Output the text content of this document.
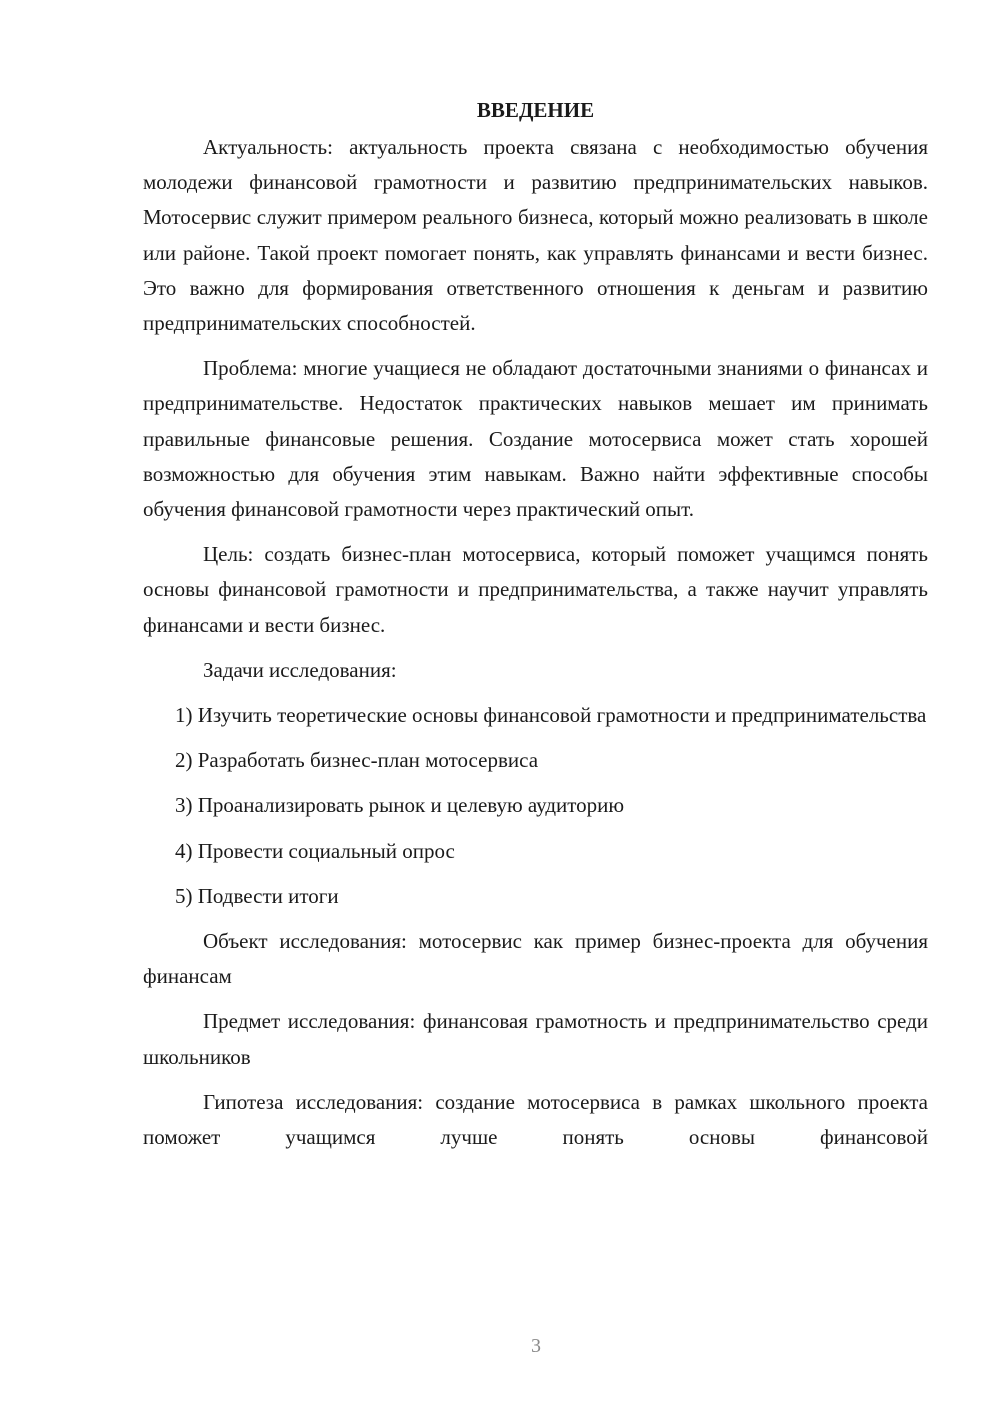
ВВЕДЕНИЕ

Актуальность: актуальность проекта связана с необходимостью обучения молодежи финансовой грамотности и развитию предпринимательских навыков. Мотосервис служит примером реального бизнеса, который можно реализовать в школе или районе. Такой проект помогает понять, как управлять финансами и вести бизнес. Это важно для формирования ответственного отношения к деньгам и развитию предпринимательских способностей.

Проблема: многие учащиеся не обладают достаточными знаниями о финансах и предпринимательстве. Недостаток практических навыков мешает им принимать правильные финансовые решения. Создание мотосервиса может стать хорошей возможностью для обучения этим навыкам. Важно найти эффективные способы обучения финансовой грамотности через практический опыт.

Цель: создать бизнес-план мотосервиса, который поможет учащимся понять основы финансовой грамотности и предпринимательства, а также научит управлять финансами и вести бизнес.

Задачи исследования:

1) Изучить теоретические основы финансовой грамотности и предпринимательства

2) Разработать бизнес-план мотосервиса

3) Проанализировать рынок и целевую аудиторию

4) Провести социальный опрос

5) Подвести итоги

Объект исследования: мотосервис как пример бизнес-проекта для обучения финансам

Предмет исследования: финансовая грамотность и предпринимательство среди школьников

Гипотеза исследования: создание мотосервиса в рамках школьного проекта поможет учащимся лучше понять основы финансовой

3
